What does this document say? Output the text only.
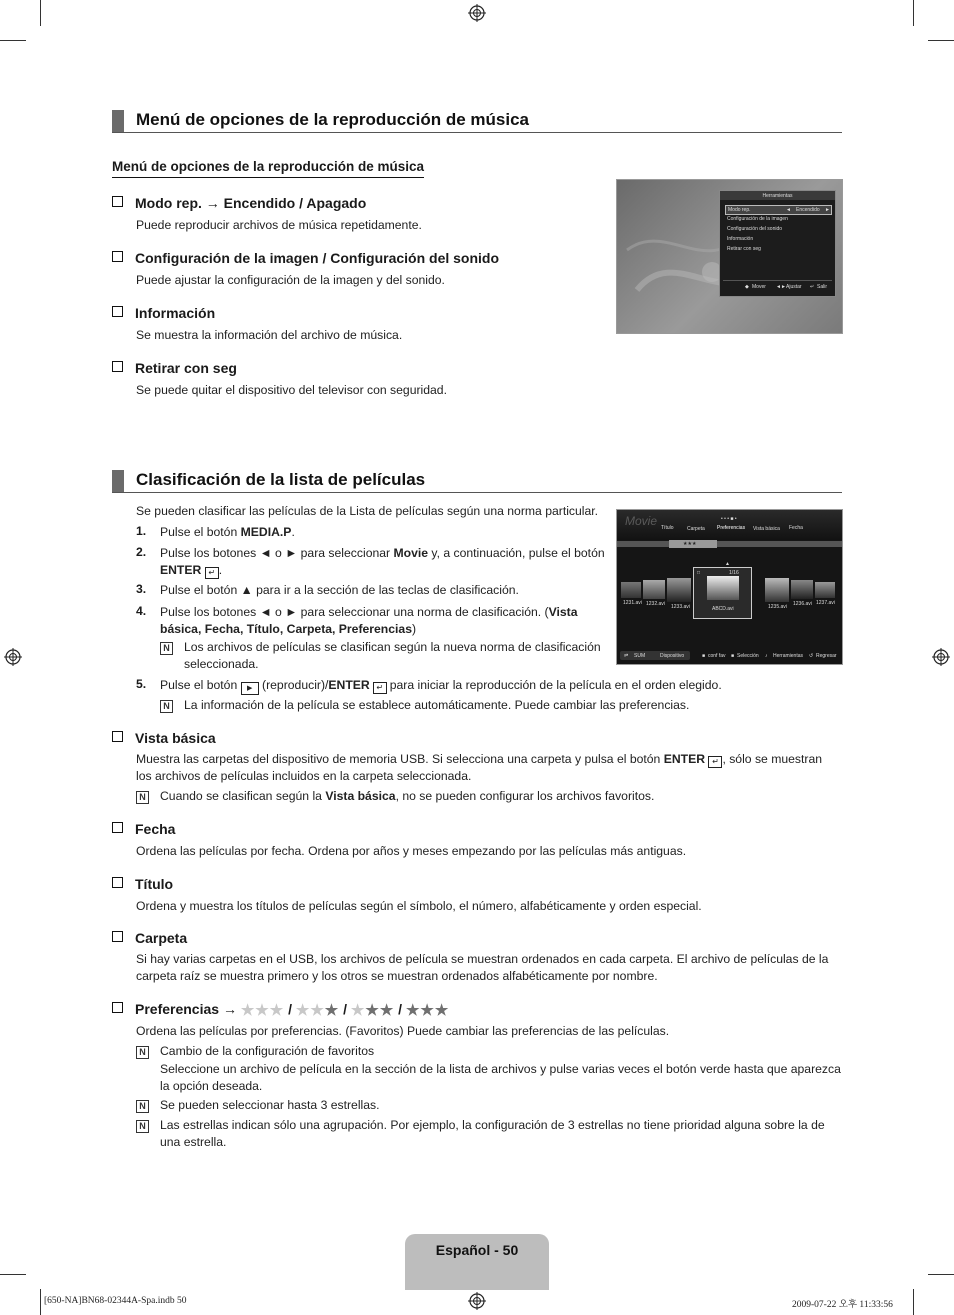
Menú de opciones de la reproducción de música
Menú de opciones de la reproducción de música
Modo rep. → Encendido / Apagado
Puede reproducir archivos de música repetidamente.
Configuración de la imagen / Configuración del sonido
Puede ajustar la configuración de la imagen y del sonido.
Información
Se muestra la información del archivo de música.
Retirar con seg
Se puede quitar el dispositivo del televisor con seguridad.
Herramientas
Modo rep.	◄ Encendido ►
Configuración de la imagen
Configuración del sonido
Información
Retirar con seg
◆ Mover ◄► Ajustar ↵ Salir
Clasificación de la lista de películas
Se pueden clasificar las películas de la Lista de películas según una norma particular.
1. Pulse el botón MEDIA.P.
2. Pulse los botones ◄ o ► para seleccionar Movie y, a continuación, pulse el botón
ENTER ↵ .
3. Pulse el botón ▲ para ir a la sección de las teclas de clasificación.
4. Pulse los botones ◄ o ► para seleccionar una norma de clasificación. (Vista
básica, Fecha, Título, Carpeta, Preferencias)
N Los archivos de películas se clasifican según la nueva norma de clasificación
seleccionada.
5. Pulse el botón ▶ (reproducir)/ENTER ↵ para iniciar la reproducción de la película en el orden elegido.
N La información de la película se establece automáticamente. Puede cambiar las preferencias.
Movie	• • • ■ •
Título	Carpeta Preferencias Vista básica Fecha
★★★
▲
□	1/16
ABCD.avi
1231.avi 1232.avi 1233.avi	1235.avi 1236.avi 1237.avi
⇌ SUM	Dispositivo	■ conf fav ■ Selección ♪ Herramientas ↺ Regresar
Vista básica
Muestra las carpetas del dispositivo de memoria USB. Si selecciona una carpeta y pulsa el botón ENTER ↵ , sólo se muestran
los archivos de películas incluidos en la carpeta seleccionada.
N Cuando se clasifican según la Vista básica, no se pueden configurar los archivos favoritos.
Fecha
Ordena las películas por fecha. Ordena por años y meses empezando por las películas más antiguas.
Título
Ordena y muestra los títulos de películas según el símbolo, el número, alfabéticamente y orden especial.
Carpeta
Si hay varias carpetas en el USB, los archivos de película se muestran ordenados en cada carpeta. El archivo de películas de la
carpeta raíz se muestra primero y los otros se muestran ordenados alfabéticamente por nombre.
Preferencias → ★★★ / ★★★ / ★★★ / ★★★
Ordena las películas por preferencias. (Favoritos) Puede cambiar las preferencias de las películas.
N Cambio de la configuración de favoritos
Seleccione un archivo de película en la sección de la lista de archivos y pulse varias veces el botón verde hasta que aparezca
la opción deseada.
N Se pueden seleccionar hasta 3 estrellas.
N Las estrellas indican sólo una agrupación. Por ejemplo, la configuración de 3 estrellas no tiene prioridad alguna sobre la de
una estrella.
Español - 50
[650-NA]BN68-02344A-Spa.indb 50	2009-07-22 오후 11:33:56
